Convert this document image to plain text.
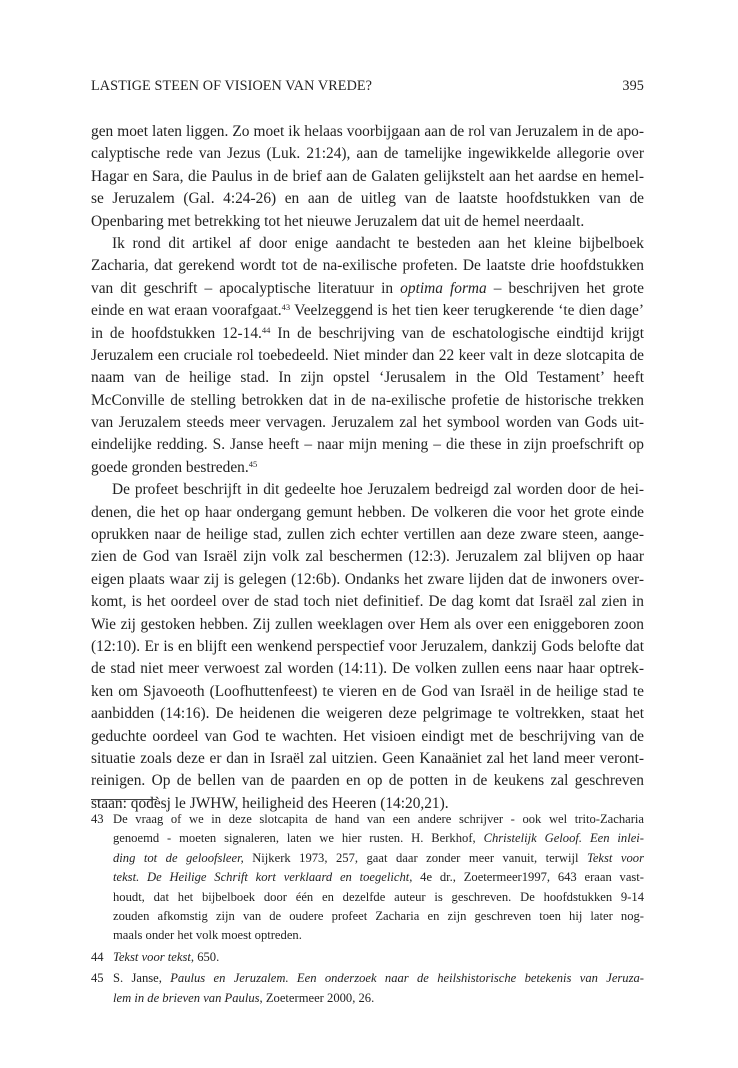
LASTIGE STEEN OF VISIOEN VAN VREDE?	395
gen moet laten liggen. Zo moet ik helaas voorbijgaan aan de rol van Jeruzalem in de apo-
calyptische rede van Jezus (Luk. 21:24), aan de tamelijke ingewikkelde allegorie over
Hagar en Sara, die Paulus in de brief aan de Galaten gelijkstelt aan het aardse en hemel-
se Jeruzalem (Gal. 4:24-26) en aan de uitleg van de laatste hoofdstukken van de
Openbaring met betrekking tot het nieuwe Jeruzalem dat uit de hemel neerdaalt.
Ik rond dit artikel af door enige aandacht te besteden aan het kleine bijbelboek
Zacharia, dat gerekend wordt tot de na-exilische profeten. De laatste drie hoofdstukken
van dit geschrift – apocalyptische literatuur in optima forma – beschrijven het grote
einde en wat eraan voorafgaat.$^{43}$ Veelzeggend is het tien keer terugkerende ‘te dien dage’
in de hoofdstukken 12-14.44 In de beschrijving van de eschatologische eindtijd krijgt
Jeruzalem een cruciale rol toebedeeld. Niet minder dan 22 keer valt in deze slotcapita de
naam van de heilige stad. In zijn opstel ‘Jerusalem in the Old Testament’ heeft
McConville de stelling betrokken dat in de na-exilische profetie de historische trekken
van Jeruzalem steeds meer vervagen. Jeruzalem zal het symbool worden van Gods uit-
eindelijke redding. S. Janse heeft – naar mijn mening – die these in zijn proefschrift op
goede gronden bestreden.$^{45}$
De profeet beschrijft in dit gedeelte hoe Jeruzalem bedreigd zal worden door de hei-
denen, die het op haar ondergang gemunt hebben. De volkeren die voor het grote einde
oprukken naar de heilige stad, zullen zich echter vertillen aan deze zware steen, aange-
zien de God van Israël zijn volk zal beschermen (12:3). Jeruzalem zal blijven op haar
eigen plaats waar zij is gelegen (12:6b). Ondanks het zware lijden dat de inwoners over-
komt, is het oordeel over de stad toch niet definitief. De dag komt dat Israël zal zien in
Wie zij gestoken hebben. Zij zullen weeklagen over Hem als over een eniggeboren zoon
(12:10). Er is en blijft een wenkend perspectief voor Jeruzalem, dankzij Gods belofte dat
de stad niet meer verwoest zal worden (14:11). De volken zullen eens naar haar optrek-
ken om Sjavoeoth (Loofhuttenfeest) te vieren en de God van Israël in de heilige stad te
aanbidden (14:16). De heidenen die weigeren deze pelgrimage te voltrekken, staat het
geduchte oordeel van God te wachten. Het visioen eindigt met de beschrijving van de
situatie zoals deze er dan in Israël zal uitzien. Geen Kanaäniet zal het land meer veront-
reinigen. Op de bellen van de paarden en op de potten in de keukens zal geschreven
staan: qodèsj le JWHW, heiligheid des Heeren (14:20,21).
43 De vraag of we in deze slotcapita de hand van een andere schrijver - ook wel trito-Zacharia
genoemd - moeten signaleren, laten we hier rusten. H. Berkhof, Christelijk Geloof. Een inlei-
ding tot de geloofsleer, Nijkerk 1973, 257, gaat daar zonder meer vanuit, terwijl Tekst voor
tekst. De Heilige Schrift kort verklaard en toegelicht, 4e dr., Zoetermeer1997, 643 eraan vast-
houdt, dat het bijbelboek door één en dezelfde auteur is geschreven. De hoofdstukken 9-14
zouden afkomstig zijn van de oudere profeet Zacharia en zijn geschreven toen hij later nog-
maals onder het volk moest optreden.
44 Tekst voor tekst, 650.
45 S. Janse, Paulus en Jeruzalem. Een onderzoek naar de heilshistorische betekenis van Jeruza-
lem in de brieven van Paulus, Zoetermeer 2000, 26.
